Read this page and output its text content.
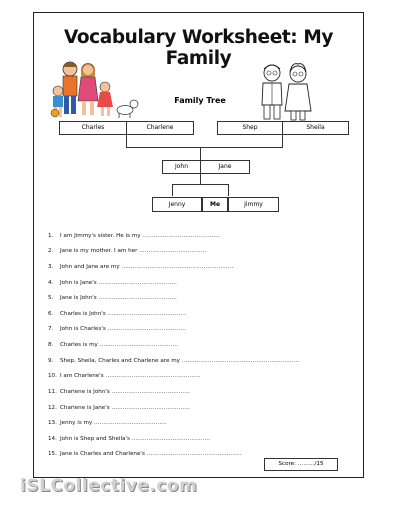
Vocabulary Worksheet: My Family
Family Tree
Charles	Charlene	Shep	Sheila
John	Jane
Jenny	Me	Jimmy
1. I am Jimmy's sister. He is my ……………………………………
2. Jane is my mother. I am her ………………………………
3. John and Jane are my ……………………………………………………
4. John is Jane's ……………………………………
5. Jane is John's ……………………………………
6. Charles is John's ……………………………………
7. John is Charles's ……………………………………
8. Charles is my ……………………………………
9. Shep, Sheila, Charles and Charlene are my ………………………………………………………
10. I am Charlene's ……………………………………………
11. Charlene is John's ……………………………………
12. Charlene is Jane's ……………………………………
13. Jenny is my …………………………………
14. John is Shep and Sheila's ……………………………………
15. Jane is Charles and Charlene's ……………………………………………
Score: ………/15
iSLCollective.com
